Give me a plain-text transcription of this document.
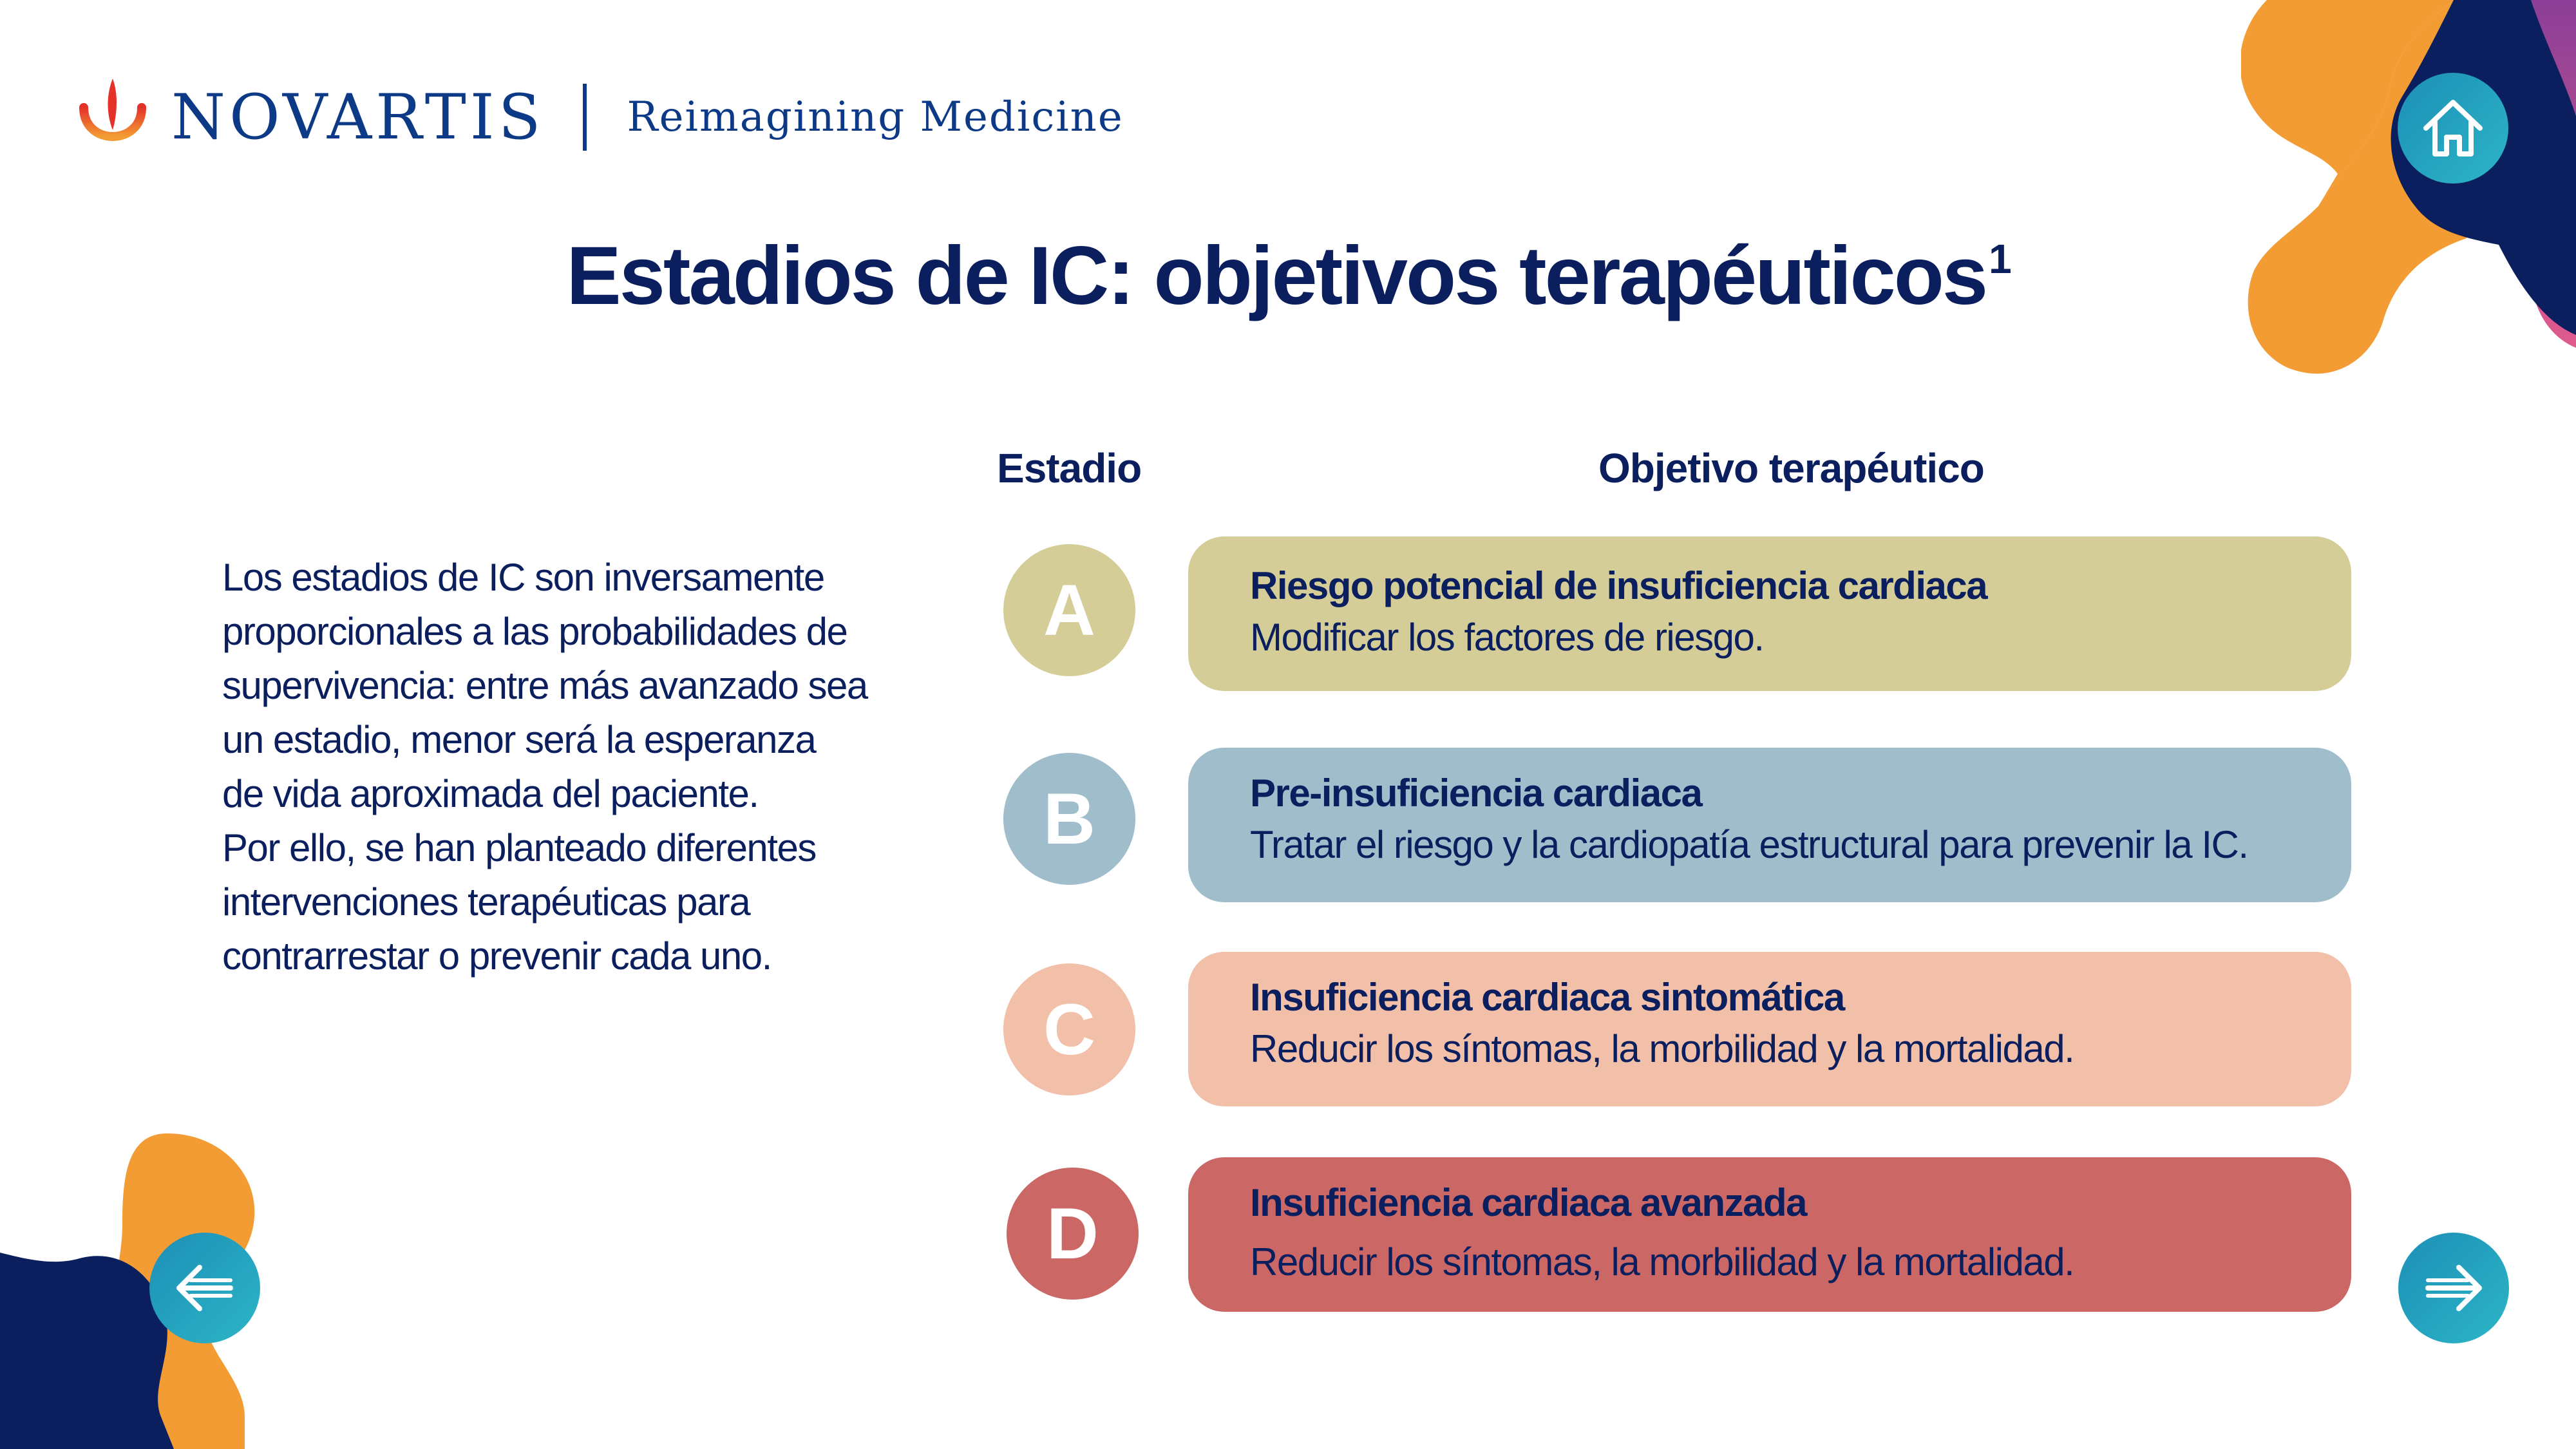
NOVARTIS Reimagining Medicine
Estadios de IC: objetivos terapéuticos$^1$
Estadio	Objetivo terapéutico
Los estadios de IC son inversamente
proporcionales a las probabilidades de
supervivencia: entre más avanzado sea
un estadio, menor será la esperanza
de vida aproximada del paciente.
Por ello, se han planteado diferentes
intervenciones terapéuticas para
contrarrestar o prevenir cada uno.
A	Riesgo potencial de insuficiencia cardiaca
Modificar los factores de riesgo.
B	Pre-insuficiencia cardiaca
Tratar el riesgo y la cardiopatía estructural para prevenir la IC.
C	Insuficiencia cardiaca sintomática
Reducir los síntomas, la morbilidad y la mortalidad.
D	Insuficiencia cardiaca avanzada
Reducir los síntomas, la morbilidad y la mortalidad.
